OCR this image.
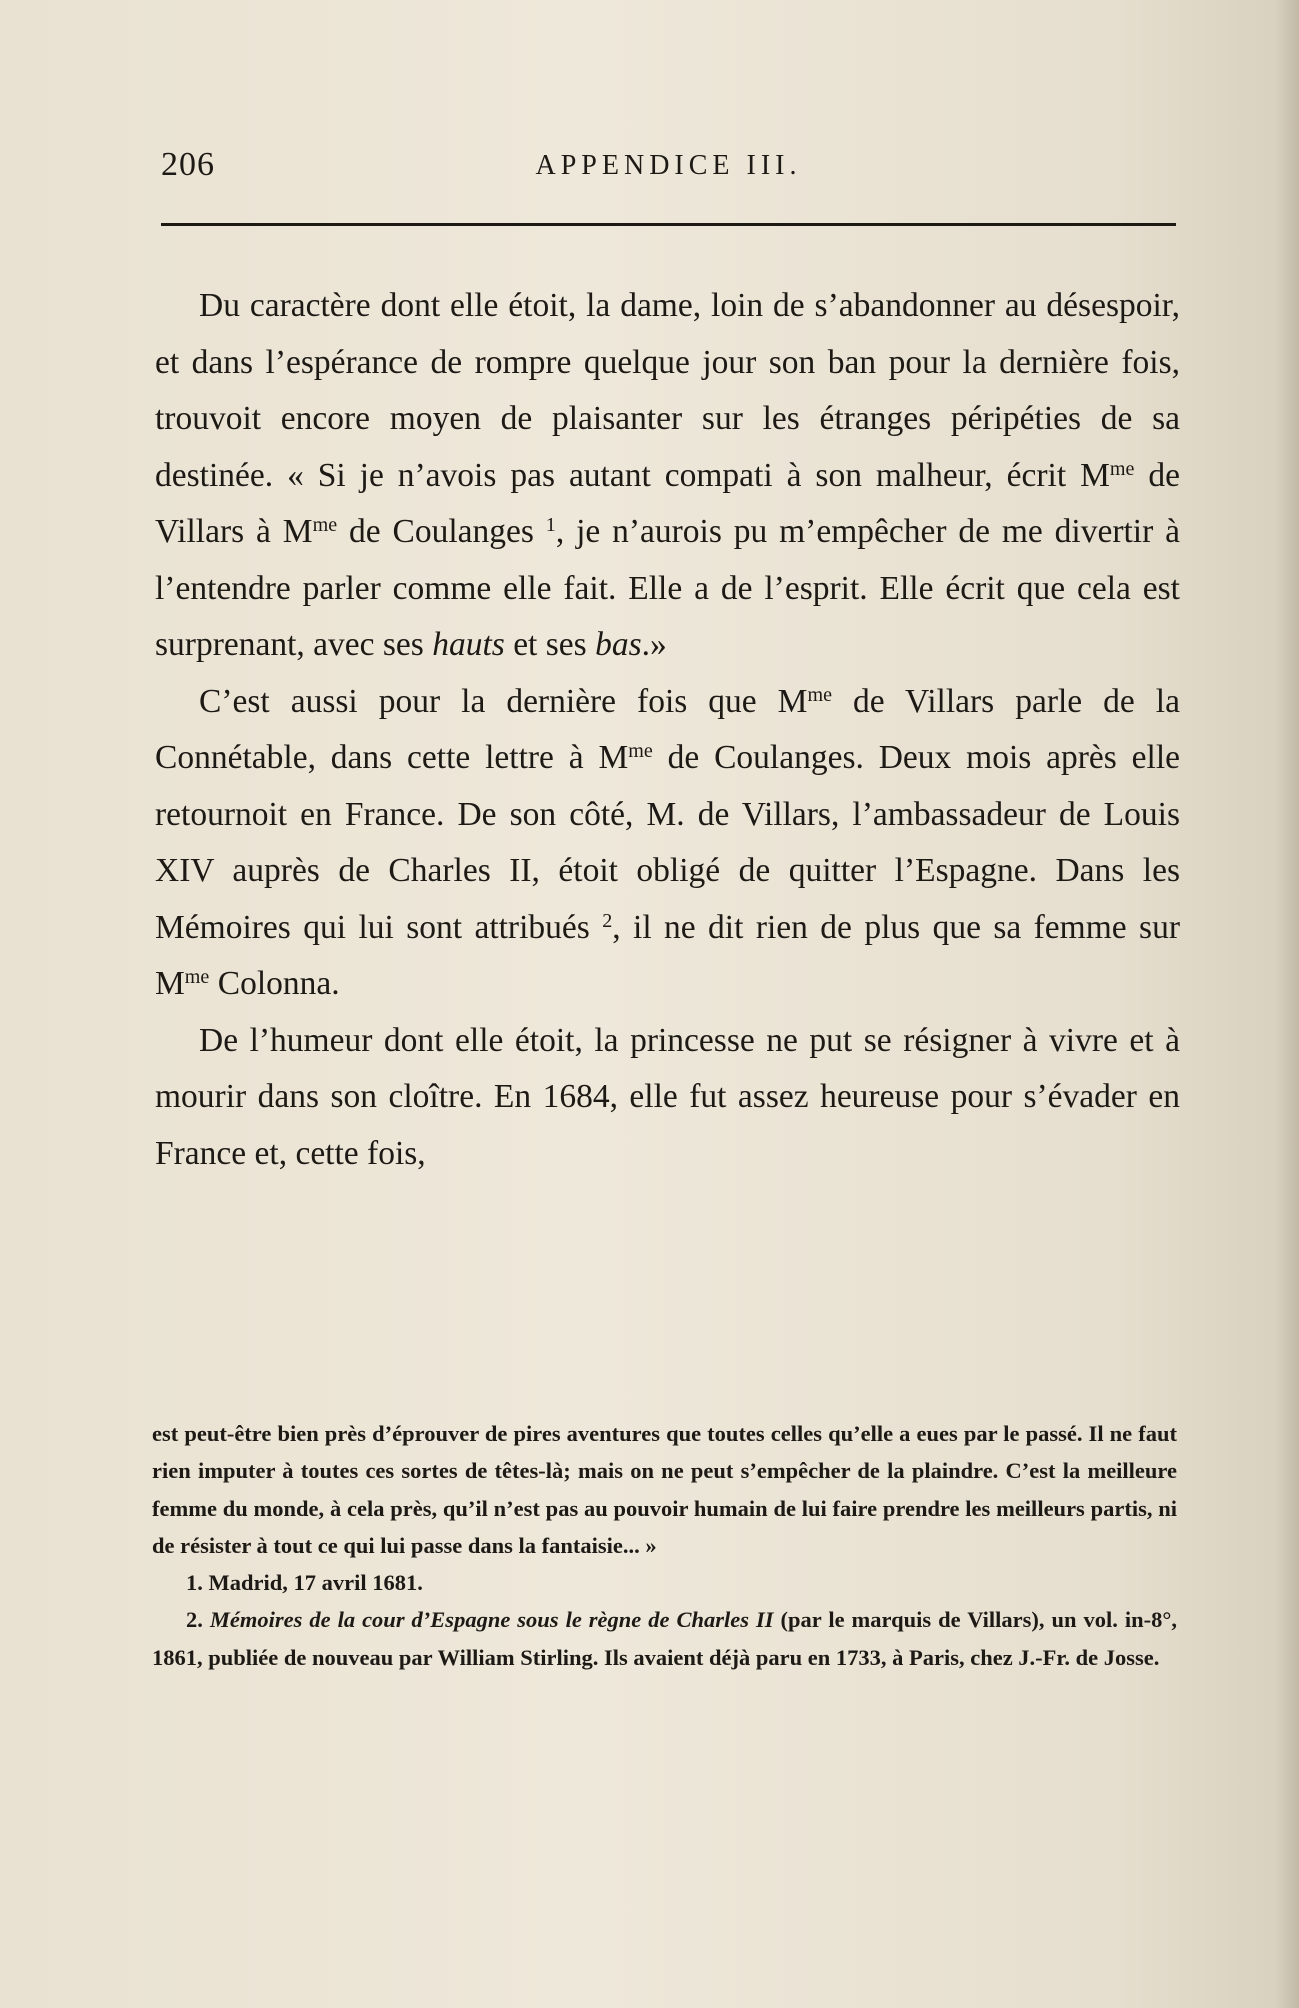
206	APPENDICE III.

Du caractère dont elle étoit, la dame, loin de s’abandonner au désespoir, et dans l’espérance de rompre quelque jour son ban pour la dernière fois, trouvoit encore moyen de plaisanter sur les étranges péripéties de sa destinée. « Si je n’avois pas autant compati à son malheur, écrit $M^{me}$ de Villars à $M^{me}$ de Coulanges $^1$, je n’aurois pu m’empêcher de me divertir à l’entendre parler comme elle fait. Elle a de l’esprit. Elle écrit que cela est surprenant, avec ses hauts et ses bas.»

C’est aussi pour la dernière fois que $M^{me}$ de Villars parle de la Connétable, dans cette lettre à $M^{me}$ de Coulanges. Deux mois après elle retournoit en France. De son côté, M. de Villars, l’ambassadeur de Louis XIV auprès de Charles II, étoit obligé de quitter l’Espagne. Dans les Mémoires qui lui sont attribués $^2$, il ne dit rien de plus que sa femme sur $M^{me}$ Colonna.

De l’humeur dont elle étoit, la princesse ne put se résigner à vivre et à mourir dans son cloître. En 1684, elle fut assez heureuse pour s’évader en France et, cette fois,

est peut-être bien près d’éprouver de pires aventures que toutes celles qu’elle a eues par le passé. Il ne faut rien imputer à toutes ces sortes de têtes-là; mais on ne peut s’empêcher de la plaindre. C’est la meilleure femme du monde, à cela près, qu’il n’est pas au pouvoir humain de lui faire prendre les meilleurs partis, ni de résister à tout ce qui lui passe dans la fantaisie... »

1. Madrid, 17 avril 1681.

2. Mémoires de la cour d’Espagne sous le règne de Charles II (par le marquis de Villars), un vol. in-8°, 1861, publiée de nouveau par William Stirling. Ils avaient déjà paru en 1733, à Paris, chez J.-Fr. de Josse.
